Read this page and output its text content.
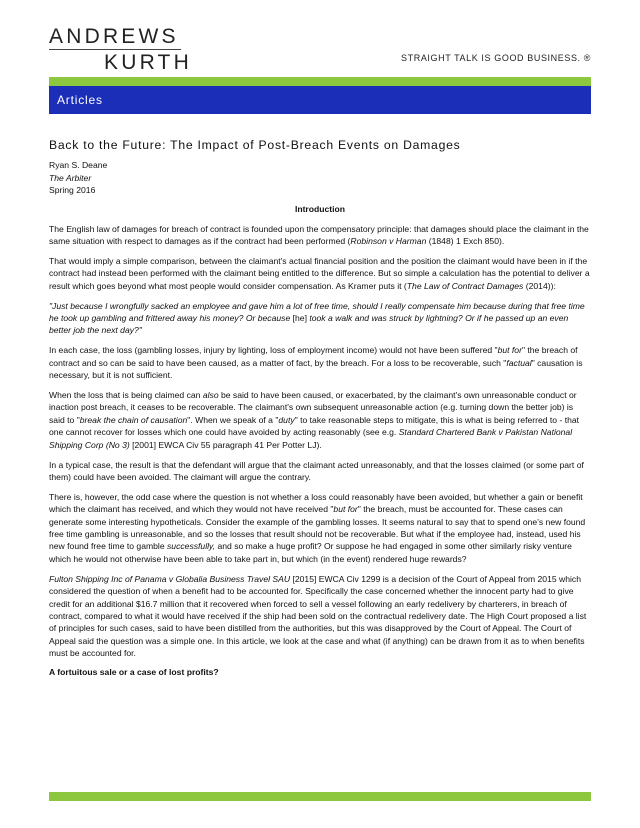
ANDREWS
KURTH	STRAIGHT TALK IS GOOD BUSINESS. ®
Articles
Back to the Future: The Impact of Post-Breach Events on Damages
Ryan S. Deane
The Arbiter
Spring 2016
Introduction

The English law of damages for breach of contract is founded upon the compensatory principle: that damages should place the claimant in the same situation with respect to damages as if the contract had been performed (Robinson v Harman (1848) 1 Exch 850).

That would imply a simple comparison, between the claimant's actual financial position and the position the claimant would have been in if the contract had instead been performed with the claimant being entitled to the difference. But so simple a calculation has the potential to deliver a result which goes beyond what most people would consider compensation. As Kramer puts it (The Law of Contract Damages (2014)):

"Just because I wrongfully sacked an employee and gave him a lot of free time, should I really compensate him because during that free time he took up gambling and frittered away his money? Or because [he] took a walk and was struck by lightning? Or if he passed up an even better job the next day?"

In each case, the loss (gambling losses, injury by lighting, loss of employment income) would not have been suffered "but for" the breach of contract and so can be said to have been caused, as a matter of fact, by the breach. For a loss to be recoverable, such "factual" causation is necessary, but it is not sufficient.

When the loss that is being claimed can also be said to have been caused, or exacerbated, by the claimant's own unreasonable conduct or inaction post breach, it ceases to be recoverable. The claimant's own subsequent unreasonable action (e.g. turning down the better job) is said to "break the chain of causation". When we speak of a "duty" to take reasonable steps to mitigate, this is what is being referred to - that one cannot recover for losses which one could have avoided by acting reasonably (see e.g. Standard Chartered Bank v Pakistan National Shipping Corp (No 3) [2001] EWCA Civ 55 paragraph 41 Per Potter LJ).

In a typical case, the result is that the defendant will argue that the claimant acted unreasonably, and that the losses claimed (or some part of them) could have been avoided. The claimant will argue the contrary.

There is, however, the odd case where the question is not whether a loss could reasonably have been avoided, but whether a gain or benefit which the claimant has received, and which they would not have received "but for" the breach, must be accounted for. These cases can generate some interesting hypotheticals. Consider the example of the gambling losses. It seems natural to say that to spend one's new found free time gambling is unreasonable, and so the losses that result should not be recoverable. But what if the employee had, instead, used his new found free time to gamble successfully, and so make a huge profit? Or suppose he had engaged in some other similarly risky venture which he would not otherwise have been able to take part in, but which (in the event) rendered huge rewards?

Fulton Shipping Inc of Panama v Globalia Business Travel SAU [2015] EWCA Civ 1299 is a decision of the Court of Appeal from 2015 which considered the question of when a benefit had to be accounted for. Specifically the case concerned whether the innocent party had to give credit for an additional $16.7 million that it recovered when forced to sell a vessel following an early redelivery by charterers, in breach of contract, compared to what it would have received if the ship had been sold on the contractual redelivery date. The High Court proposed a list of principles for such cases, said to have been distilled from the authorities, but this was disapproved by the Court of Appeal. The Court of Appeal said the question was a simple one. In this article, we look at the case and what (if anything) can be drawn from it as to when benefits must be accounted for.

A fortuitous sale or a case of lost profits?
